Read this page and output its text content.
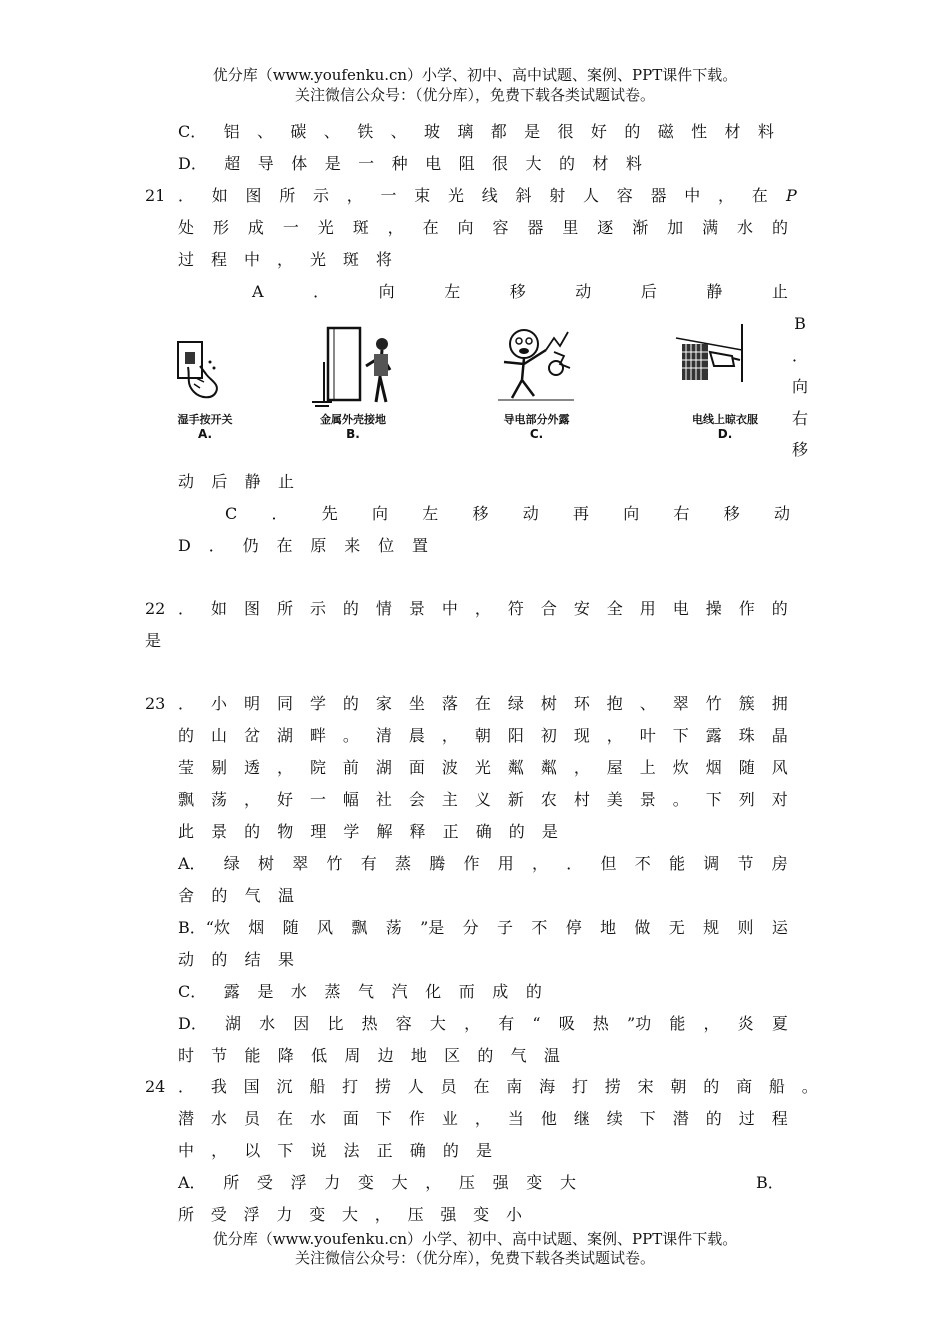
优分库（www.youfenku.cn）小学、初中、高中试题、案例、PPT课件下载。
关注微信公众号：（优分库），免费下载各类试题试卷。
C． 铝 、 碳 、 铁 、 玻 璃 都 是 很 好 的 磁 性 材 料
D． 超 导 体 是 一 种 电 阻 很 大 的 材 料
21 ． 如 图 所 示 ， 一 束 光 线 斜 射 人 容 器 中 ， 在 P
处 形 成 一 光 斑 ， 在 向 容 器 里 逐 渐 加 满 水 的
过 程 中 ， 光 斑 将
A	．	向	左	移	动	后	静	止
B
．
向
右
移
湿手按开关
A.
金属外壳接地
B.
导电部分外露
C.
电线上晾衣服
D.
动 后 静 止
C ． 先 向 左 移 动 再 向 右 移 动
D ． 仍 在 原 来 位 置
22 ． 如 图 所 示 的 情 景 中 ， 符 合 安 全 用 电 操 作 的
是
23 ． 小 明 同 学 的 家 坐 落 在 绿 树 环 抱 、 翠 竹 簇 拥
的 山 岔 湖 畔 。 清 晨 ， 朝 阳 初 现 ， 叶 下 露 珠 晶
莹 剔 透 ， 院 前 湖 面 波 光 粼 粼 ， 屋 上 炊 烟 随 风
飘 荡 ， 好 一 幅 社 会 主 义 新 农 村 美 景 。 下 列 对
此 景 的 物 理 学 解 释 正 确 的 是
A． 绿 树 翠 竹 有 蒸 腾 作 用 ， ． 但 不 能 调 节 房
舍 的 气 温
B．“炊 烟 随 风 飘 荡 ”是 分 子 不 停 地 做 无 规 则 运
动 的 结 果
C． 露 是 水 蒸 气 汽 化 而 成 的
D． 湖 水 因 比 热 容 大 ， 有 “ 吸 热 ”功 能 ， 炎 夏
时 节 能 降 低 周 边 地 区 的 气 温
24 ． 我 国 沉 船 打 捞 人 员 在 南 海 打 捞 宋 朝 的 商 船 。
潜 水 员 在 水 面 下 作 业 ， 当 他 继 续 下 潜 的 过 程
中 ， 以 下 说 法 正 确 的 是
A． 所 受 浮 力 变 大 ， 压 强 变 大	B．
所 受 浮 力 变 大 ， 压 强 变 小
优分库（www.youfenku.cn）小学、初中、高中试题、案例、PPT课件下载。
关注微信公众号：（优分库），免费下载各类试题试卷。
